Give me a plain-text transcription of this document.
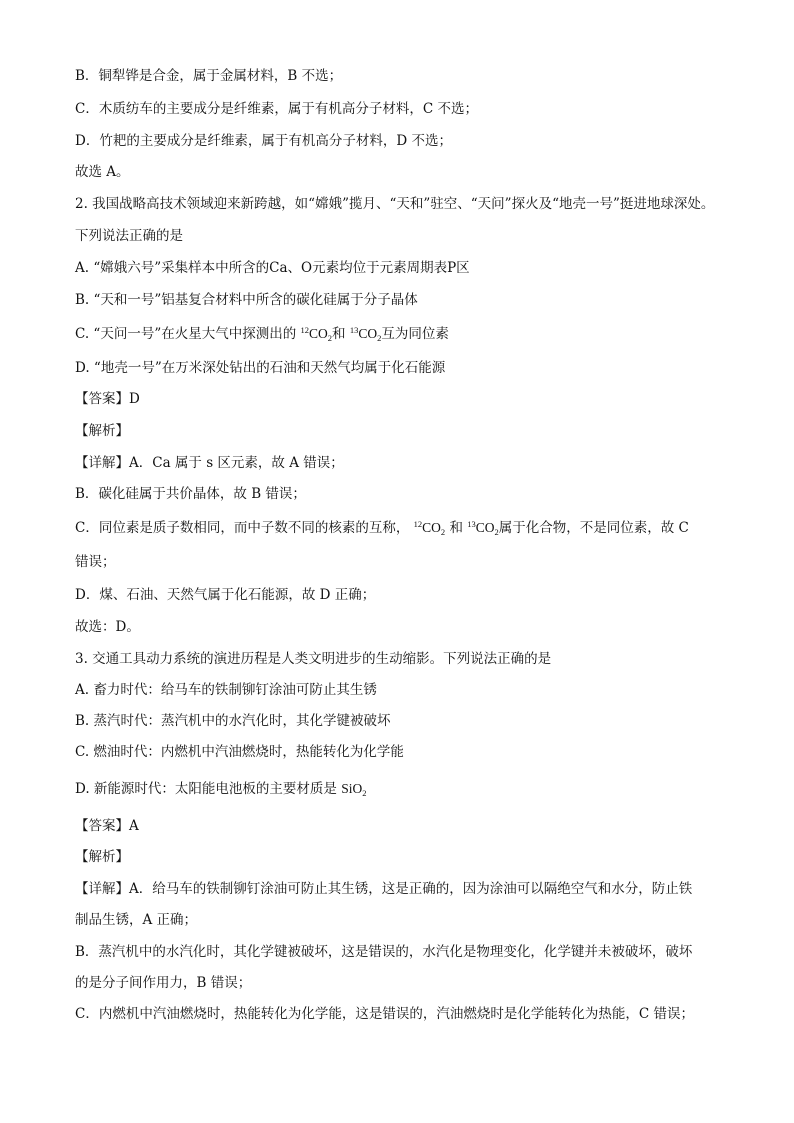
B．铜犁铧是合金，属于金属材料，B 不选；
C．木质纺车的主要成分是纤维素，属于有机高分子材料，C 不选；
D．竹耙的主要成分是纤维素，属于有机高分子材料，D 不选；
故选 A。
2. 我国战略高技术领域迎来新跨越，如“嫦娥”揽月、“天和”驻空、“天问”探火及“地壳一号”挺进地球深处。
下列说法正确的是
A. “嫦娥六号”采集样本中所含的Ca、O元素均位于元素周期表P区
B. “天和一号”铝基复合材料中所含的碳化硅属于分子晶体
C. “天问一号”在火星大气中探测出的 $^{12}CO_2$和 $^{13}CO_2$互为同位素
D. “地壳一号”在万米深处钻出的石油和天然气均属于化石能源
【答案】D
【解析】
【详解】A．Ca 属于 s 区元素，故 A 错误；
B．碳化硅属于共价晶体，故 B 错误；
C．同位素是质子数相同，而中子数不同的核素的互称， $^{12}CO_2$ 和 $^{13}CO_2$属于化合物，不是同位素，故 C
错误；
D．煤、石油、天然气属于化石能源，故 D 正确；
故选：D。
3. 交通工具动力系统的演进历程是人类文明进步的生动缩影。下列说法正确的是
A. 畜力时代：给马车的铁制铆钉涂油可防止其生锈
B. 蒸汽时代：蒸汽机中的水汽化时，其化学键被破坏
C. 燃油时代：内燃机中汽油燃烧时，热能转化为化学能
D. 新能源时代：太阳能电池板的主要材质是 SiO$_2$
【答案】A
【解析】
【详解】A．给马车的铁制铆钉涂油可防止其生锈，这是正确的，因为涂油可以隔绝空气和水分，防止铁
制品生锈，A 正确；
B．蒸汽机中的水汽化时，其化学键被破坏，这是错误的，水汽化是物理变化，化学键并未被破坏，破坏
的是分子间作用力，B 错误；
C．内燃机中汽油燃烧时，热能转化为化学能，这是错误的，汽油燃烧时是化学能转化为热能，C 错误；
